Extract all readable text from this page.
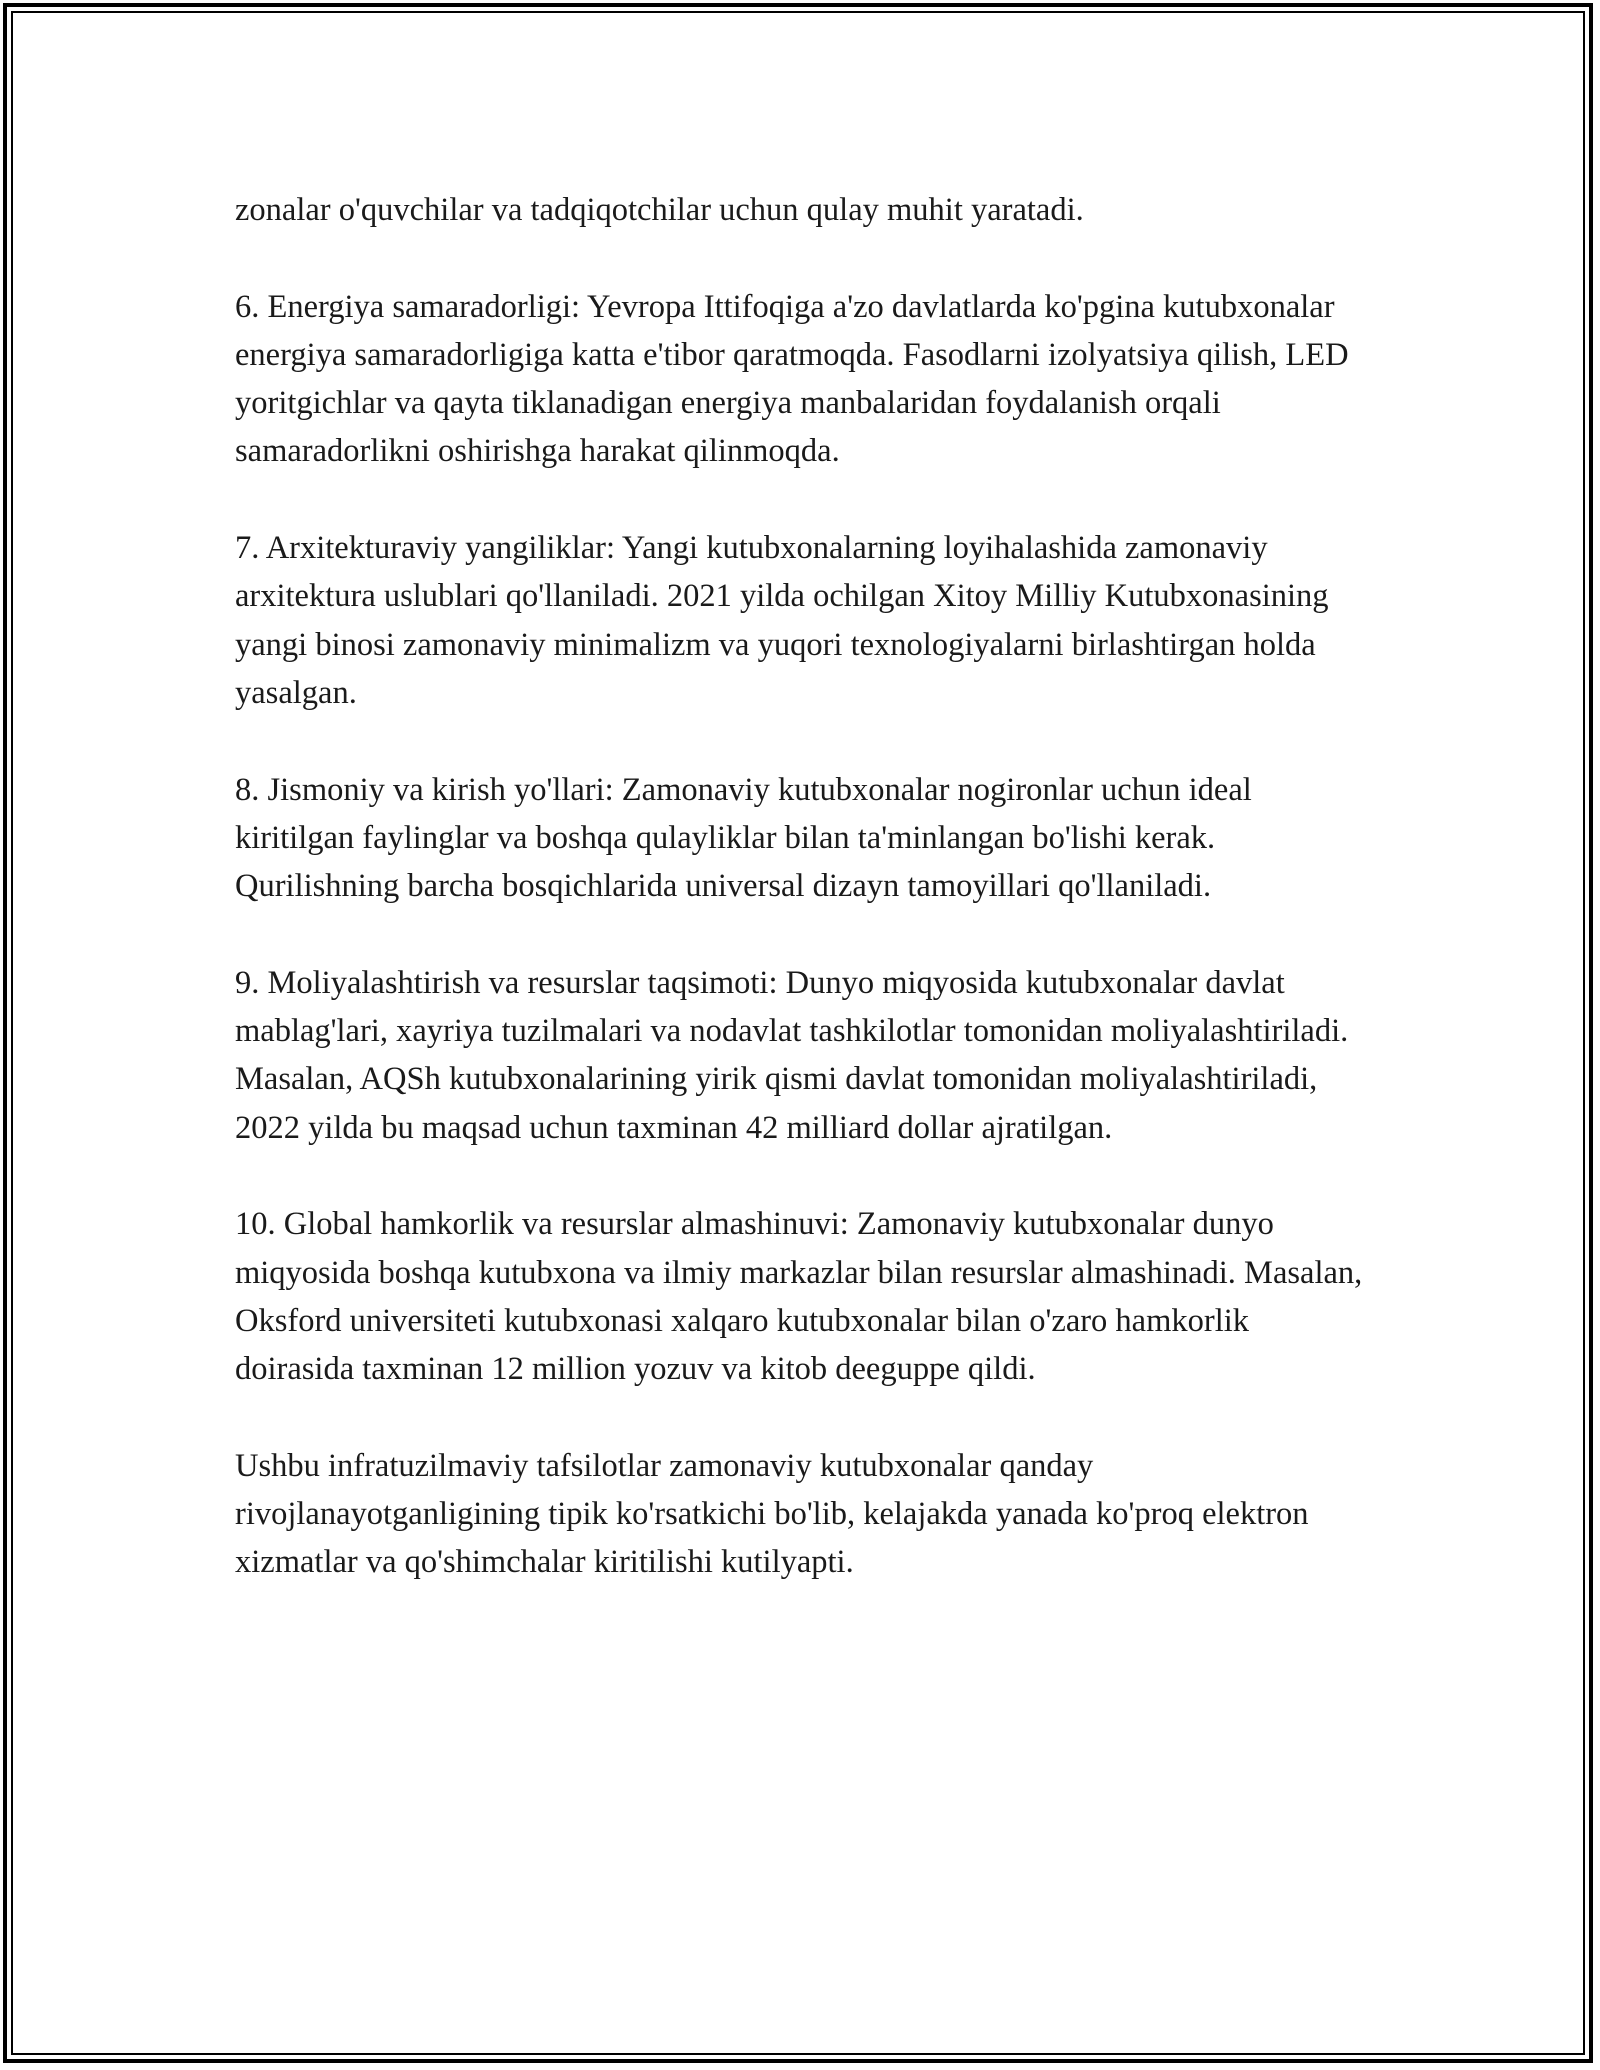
zonalar o'quvchilar va tadqiqotchilar uchun qulay muhit yaratadi.

6. Energiya samaradorligi: Yevropa Ittifoqiga a'zo davlatlarda ko'pgina kutubxonalar energiya samaradorligiga katta e'tibor qaratmoqda. Fasodlarni izolyatsiya qilish, LED yoritgichlar va qayta tiklanadigan energiya manbalaridan foydalanish orqali samaradorlikni oshirishga harakat qilinmoqda.

7. Arxitekturaviy yangiliklar: Yangi kutubxonalarning loyihalashida zamonaviy arxitektura uslublari qo'llaniladi. 2021 yilda ochilgan Xitoy Milliy Kutubxonasining yangi binosi zamonaviy minimalizm va yuqori texnologiyalarni birlashtirgan holda yasalgan.

8. Jismoniy va kirish yo'llari: Zamonaviy kutubxonalar nogironlar uchun ideal kiritilgan faylinglar va boshqa qulayliklar bilan ta'minlangan bo'lishi kerak. Qurilishning barcha bosqichlarida universal dizayn tamoyillari qo'llaniladi.

9. Moliyalashtirish va resurslar taqsimoti: Dunyo miqyosida kutubxonalar davlat mablag'lari, xayriya tuzilmalari va nodavlat tashkilotlar tomonidan moliyalashtiriladi. Masalan, AQSh kutubxonalarining yirik qismi davlat tomonidan moliyalashtiriladi, 2022 yilda bu maqsad uchun taxminan 42 milliard dollar ajratilgan.

10. Global hamkorlik va resurslar almashinuvi: Zamonaviy kutubxonalar dunyo miqyosida boshqa kutubxona va ilmiy markazlar bilan resurslar almashinadi. Masalan, Oksford universiteti kutubxonasi xalqaro kutubxonalar bilan o'zaro hamkorlik doirasida taxminan 12 million yozuv va kitob deeguppe qildi.

Ushbu infratuzilmaviy tafsilotlar zamonaviy kutubxonalar qanday rivojlanayotganligining tipik ko'rsatkichi bo'lib, kelajakda yanada ko'proq elektron xizmatlar va qo'shimchalar kiritilishi kutilyapti.
